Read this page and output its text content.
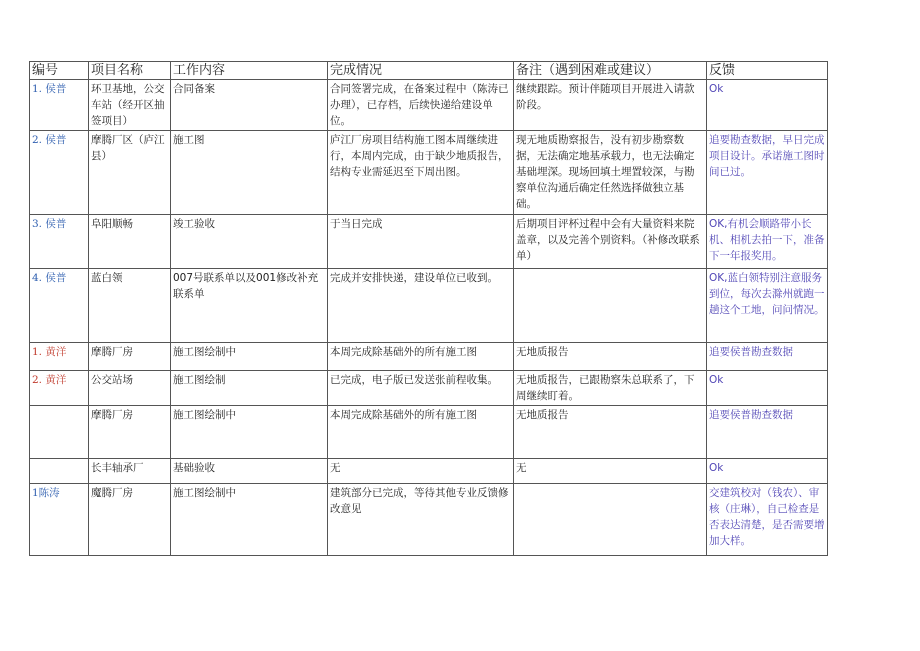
编号	项目名称	工作内容	完成情况	备注（遇到困难或建议）	反馈
1. 侯普	环卫基地，公交车站（经开区抽签项目）	合同备案	合同签署完成，在备案过程中（陈涛已办理），已存档，后续快递给建设单位。	继续跟踪。预计伴随项目开展进入请款阶段。	Ok
2. 侯普	摩腾厂区（庐江县）	施工图	庐江厂房项目结构施工图本周继续进行，本周内完成，由于缺少地质报告，结构专业需延迟至下周出图。	现无地质勘察报告，没有初步勘察数据，无法确定地基承载力，也无法确定基础埋深。现场回填土埋置较深，与勘察单位沟通后确定任然选择做独立基础。	追要勘查数据，早日完成项目设计。承诺施工图时间已过。
3. 侯普	阜阳顺畅	竣工验收	于当日完成	后期项目评杯过程中会有大量资料来院盖章，以及完善个别资料。（补修改联系单）	OK,有机会顺路带小长机、相机去拍一下，准备下一年报奖用。
4. 侯普	蓝白领	007号联系单以及001修改补充联系单	完成并安排快递，建设单位已收到。		OK,蓝白领特别注意服务到位，每次去滁州就跑一趟这个工地，问问情况。
1. 黄洋	摩腾厂房	施工图绘制中	本周完成除基础外的所有施工图	无地质报告	追要侯普勘查数据
2. 黄洋	公交站场	施工图绘制	已完成，电子版已发送张前程收集。	无地质报告，已跟勘察朱总联系了，下周继续盯着。	Ok
	摩腾厂房	施工图绘制中	本周完成除基础外的所有施工图	无地质报告	追要侯普勘查数据
	长丰轴承厂	基础验收	无	无	Ok
1陈涛	魔腾厂房	施工图绘制中	建筑部分已完成，等待其他专业反馈修改意见		交建筑校对（钱农）、审核（庄琳），自己检查是否表达清楚，是否需要增加大样。
